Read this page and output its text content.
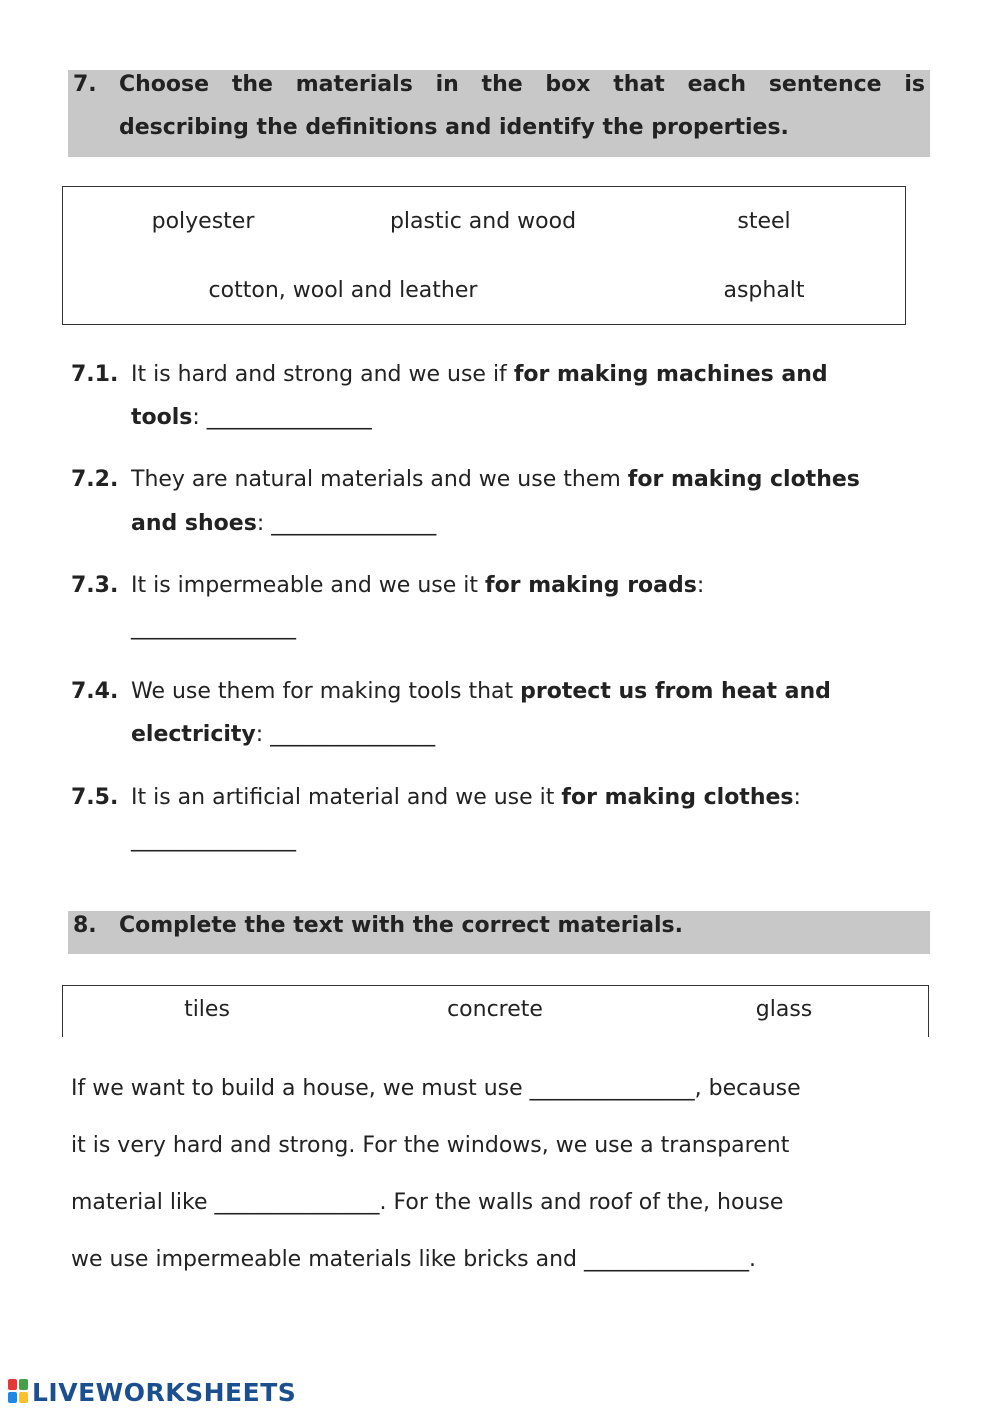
7. Choose the materials in the box that each sentence is
describing the definitions and identify the properties.
polyester	plastic and wood	steel
cotton, wool and leather	asphalt
7.1. It is hard and strong and we use if for making machines and
tools: _______________
7.2. They are natural materials and we use them for making clothes
and shoes: _______________
7.3. It is impermeable and we use it for making roads:
_______________
7.4. We use them for making tools that protect us from heat and
electricity: _______________
7.5. It is an artificial material and we use it for making clothes:
_______________
8. Complete the text with the correct materials.
tiles	concrete	glass
If we want to build a house, we must use _______________, because
it is very hard and strong. For the windows, we use a transparent
material like _______________. For the walls and roof of the, house
we use impermeable materials like bricks and _______________.
LIVEWORKSHEETS
